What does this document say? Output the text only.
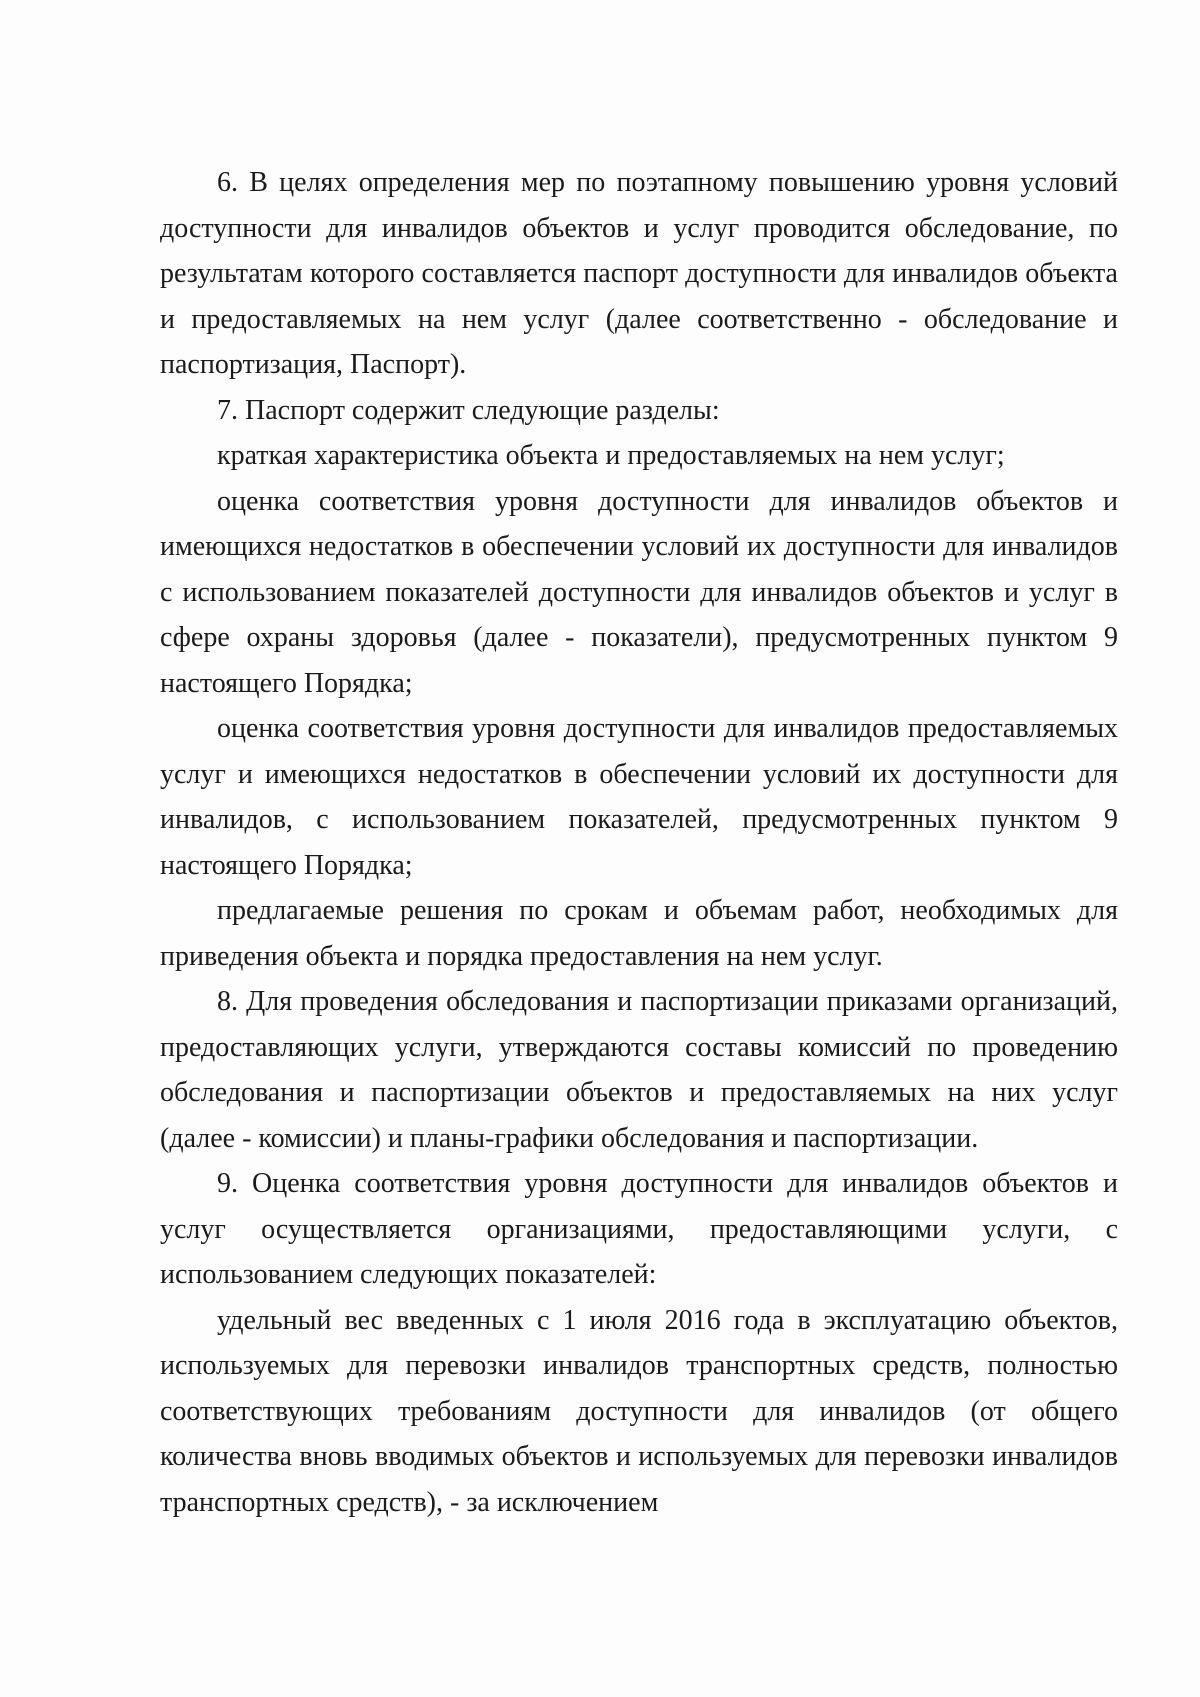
6. В целях определения мер по поэтапному повышению уровня условий доступности для инвалидов объектов и услуг проводится обследование, по результатам которого составляется паспорт доступности для инвалидов объекта и предоставляемых на нем услуг (далее соответственно - обследование и паспортизация, Паспорт).

7. Паспорт содержит следующие разделы:

краткая характеристика объекта и предоставляемых на нем услуг;

оценка соответствия уровня доступности для инвалидов объектов и имеющихся недостатков в обеспечении условий их доступности для инвалидов с использованием показателей доступности для инвалидов объектов и услуг в сфере охраны здоровья (далее - показатели), предусмотренных пунктом 9 настоящего Порядка;

оценка соответствия уровня доступности для инвалидов предоставляемых услуг и имеющихся недостатков в обеспечении условий их доступности для инвалидов, с использованием показателей, предусмотренных пунктом 9 настоящего Порядка;

предлагаемые решения по срокам и объемам работ, необходимых для приведения объекта и порядка предоставления на нем услуг.

8. Для проведения обследования и паспортизации приказами организаций, предоставляющих услуги, утверждаются составы комиссий по проведению обследования и паспортизации объектов и предоставляемых на них услуг (далее - комиссии) и планы-графики обследования и паспортизации.

9. Оценка соответствия уровня доступности для инвалидов объектов и услуг осуществляется организациями, предоставляющими услуги, с использованием следующих показателей:

удельный вес введенных с 1 июля 2016 года в эксплуатацию объектов, используемых для перевозки инвалидов транспортных средств, полностью соответствующих требованиям доступности для инвалидов (от общего количества вновь вводимых объектов и используемых для перевозки инвалидов транспортных средств), - за исключением
